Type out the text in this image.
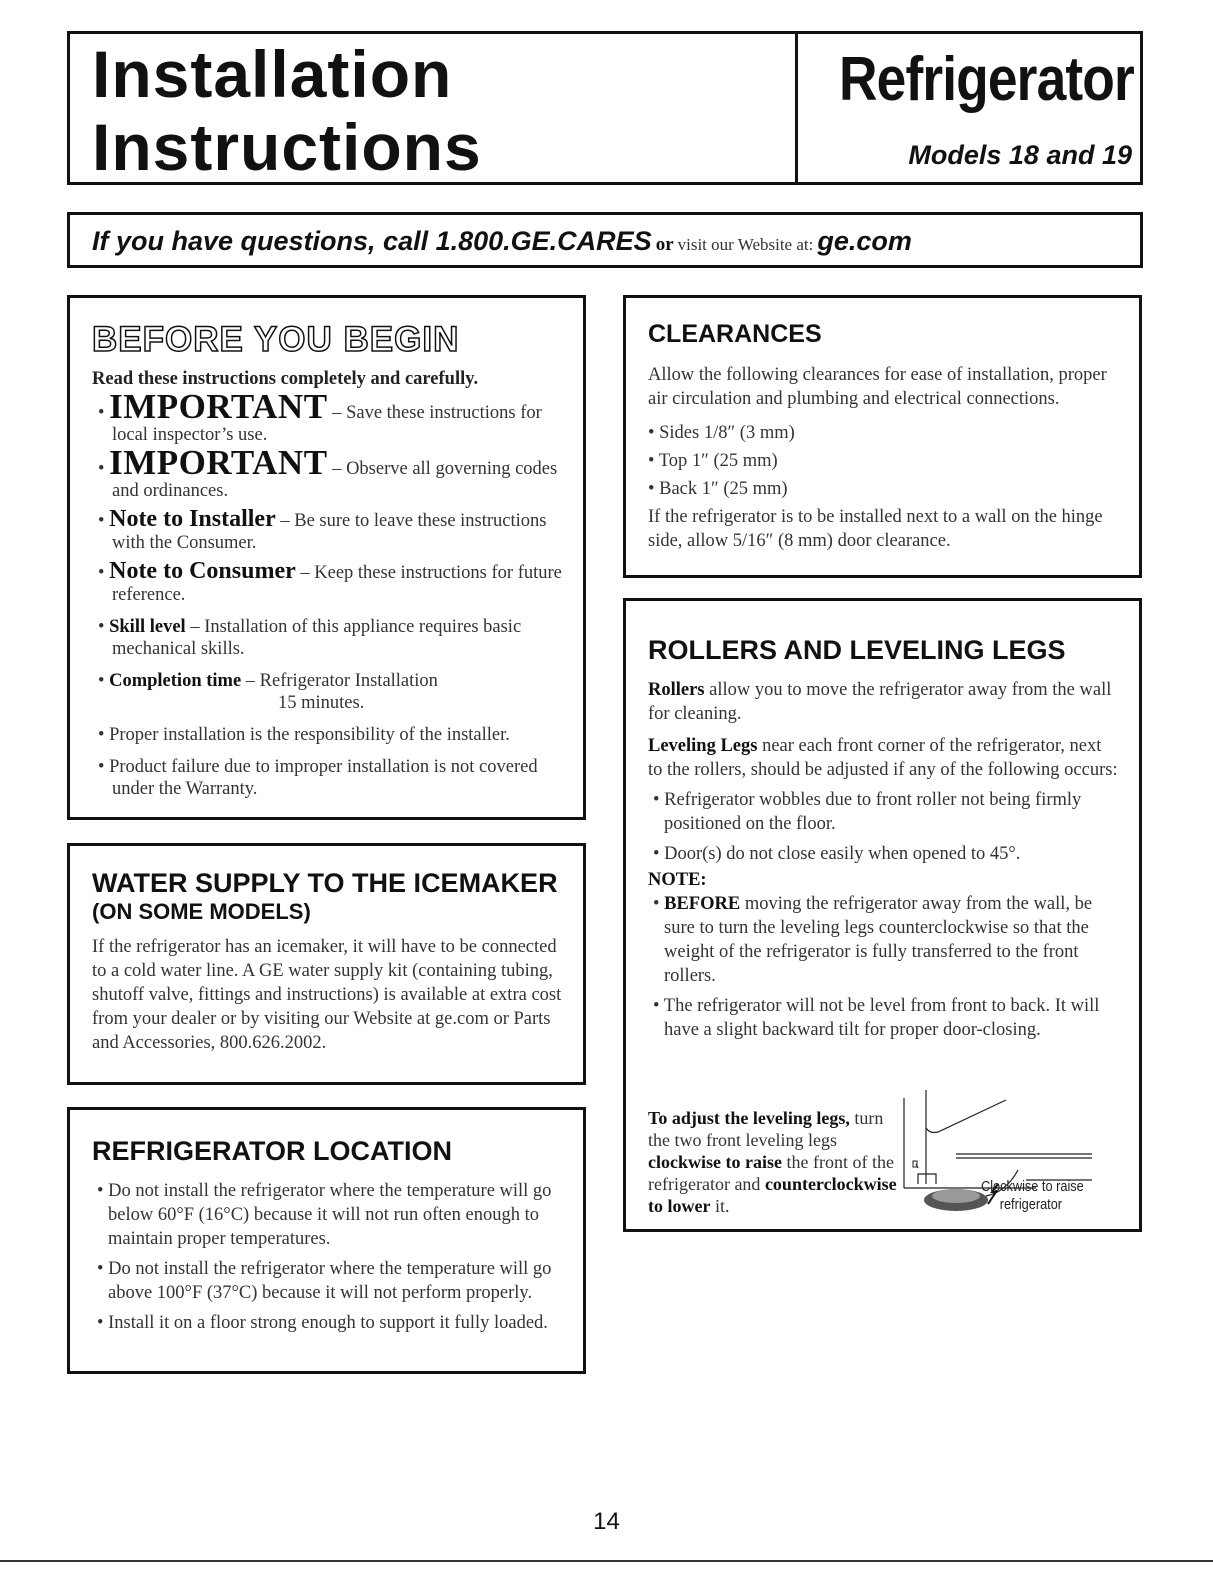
Installation
Instructions
Refrigerator
Models 18 and 19
If you have questions, call 1.800.GE.CARES or visit our Website at: ge.com
BEFORE YOU BEGIN
Read these instructions completely and carefully.

• IMPORTANT – Save these instructions for local inspector’s use.

• IMPORTANT – Observe all governing codes and ordinances.

• Note to Installer – Be sure to leave these instructions with the Consumer.

• Note to Consumer – Keep these instructions for future reference.

• Skill level – Installation of this appliance requires basic mechanical skills.

• Completion time – Refrigerator Installation
15 minutes.

• Proper installation is the responsibility of the installer.

• Product failure due to improper installation is not covered under the Warranty.

WATER SUPPLY TO THE ICEMAKER
(ON SOME MODELS)

If the refrigerator has an icemaker, it will have to be connected to a cold water line. A GE water supply kit (containing tubing, shutoff valve, fittings and instructions) is available at extra cost from your dealer or by visiting our Website at ge.com or Parts and Accessories, 800.626.2002.

REFRIGERATOR LOCATION

• Do not install the refrigerator where the temperature will go below 60°F (16°C) because it will not run often enough to maintain proper temperatures.

• Do not install the refrigerator where the temperature will go above 100°F (37°C) because it will not perform properly.

• Install it on a floor strong enough to support it fully loaded.

CLEARANCES

Allow the following clearances for ease of installation, proper air circulation and plumbing and electrical connections.

• Sides 1/8″ (3 mm)

• Top 1″ (25 mm)

• Back 1″ (25 mm)

If the refrigerator is to be installed next to a wall on the hinge side, allow 5/16″ (8 mm) door clearance.

ROLLERS AND LEVELING LEGS

Rollers allow you to move the refrigerator away from the wall for cleaning.

Leveling Legs near each front corner of the refrigerator, next to the rollers, should be adjusted if any of the following occurs:

• Refrigerator wobbles due to front roller not being firmly positioned on the floor.

• Door(s) do not close easily when opened to 45°.

NOTE:

• BEFORE moving the refrigerator away from the wall, be sure to turn the leveling legs counterclockwise so that the weight of the refrigerator is fully transferred to the front rollers.

• The refrigerator will not be level from front to back. It will have a slight backward tilt for proper door-closing.

To adjust the leveling legs, turn the two front leveling legs clockwise to raise the front of the refrigerator and counterclockwise to lower it.

Clockwise to raise
refrigerator
14
